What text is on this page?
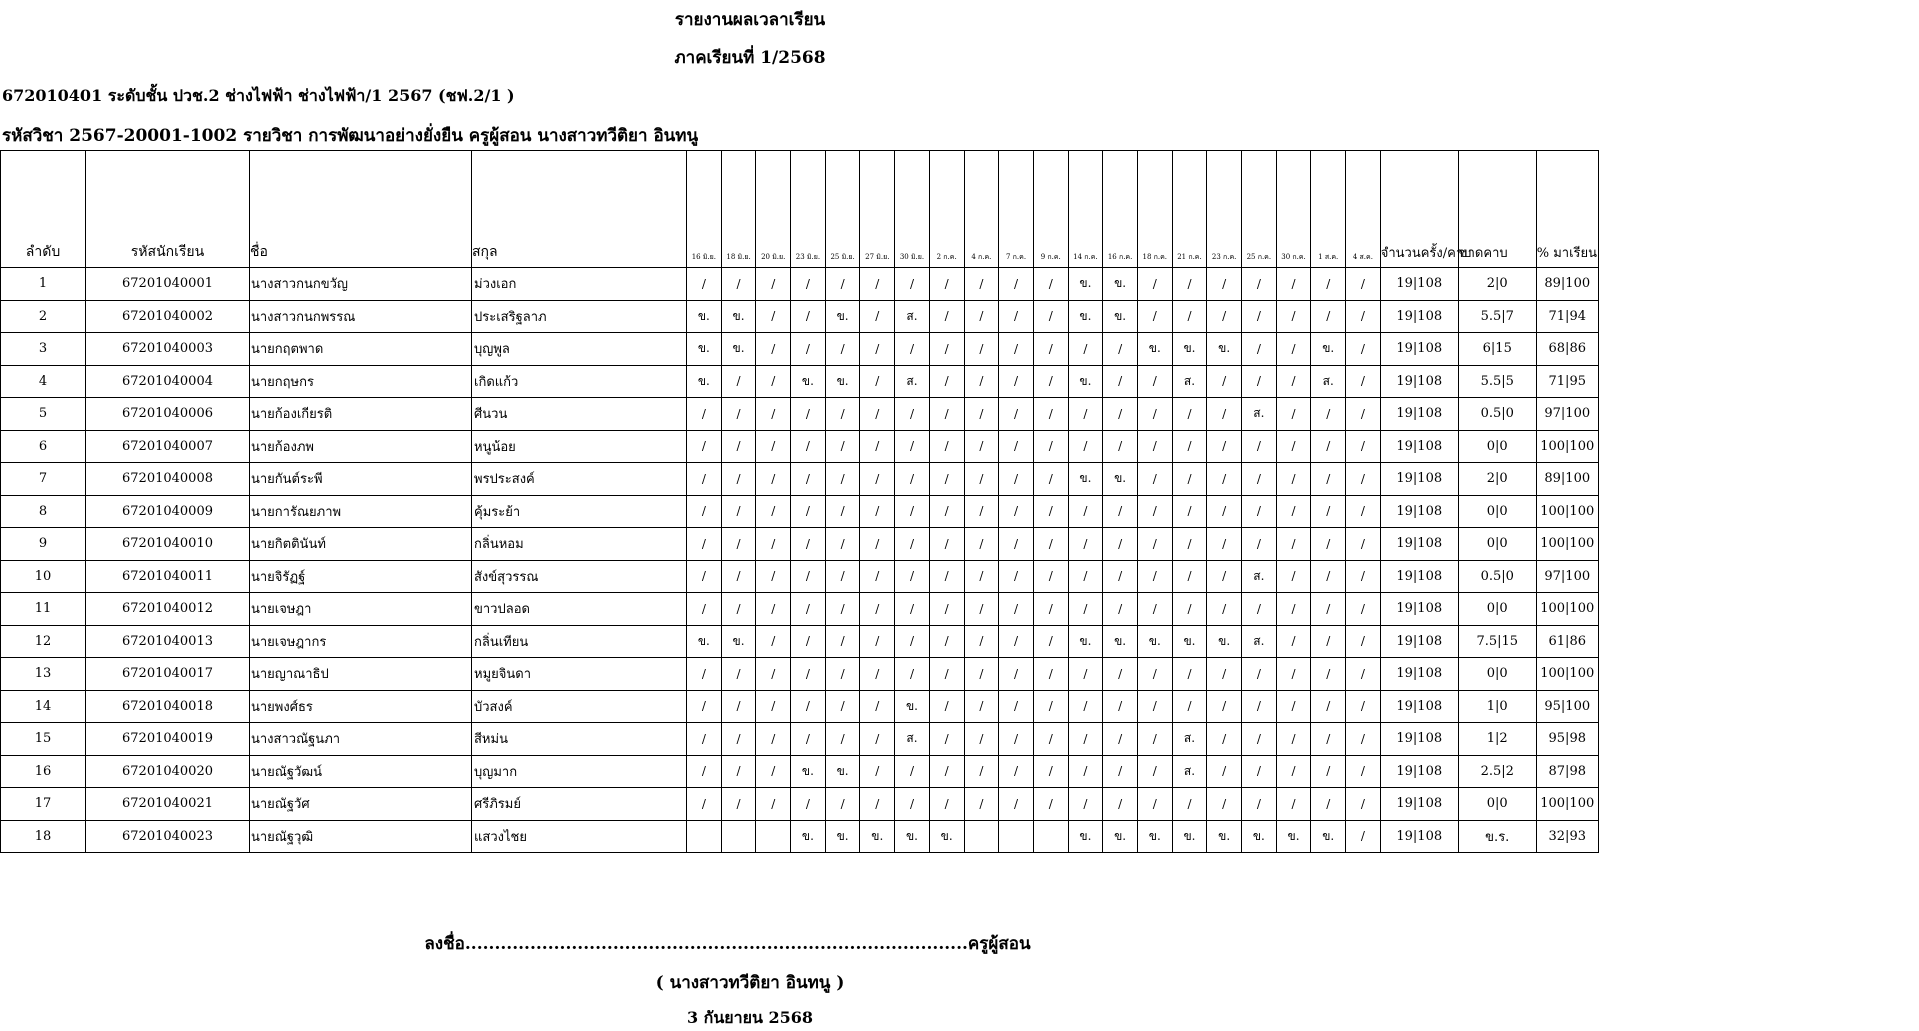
รายงานผลเวลาเรียน
ภาคเรียนที่ 1/2568
672010401 ระดับชั้น ปวช.2 ช่างไฟฟ้า ช่างไฟฟ้า/1 2567 (ชฟ.2/1 )
รหัสวิชา 2567-20001-1002 รายวิชา การพัฒนาอย่างยั่งยืน ครูผู้สอน นางสาวทวีติยา อินทนู
ลำดับ	รหัสนักเรียน	ชื่อ	สกุล	16 มิ.ย.	18 มิ.ย.	20 มิ.ย.	23 มิ.ย.	25 มิ.ย.	27 มิ.ย.	30 มิ.ย.	2 ก.ค.	4 ก.ค.	7 ก.ค.	9 ก.ค.	14 ก.ค.	16 ก.ค.	18 ก.ค.	21 ก.ค.	23 ก.ค.	25 ก.ค.	30 ก.ค.	1 ส.ค.	4 ส.ค.	จำนวนครั้ง/คาบ	ขาดคาบ	% มาเรียน
1	67201040001	นางสาวกนกขวัญ	ม่วงเอก	/	/	/	/	/	/	/	/	/	/	/	ข.	ข.	/	/	/	/	/	/	/	19|108	2|0	89|100
2	67201040002	นางสาวกนกพรรณ	ประเสริฐลาภ	ข.	ข.	/	/	ข.	/	ส.	/	/	/	/	ข.	ข.	/	/	/	/	/	/	/	19|108	5.5|7	71|94
3	67201040003	นายกฤตพาด	บุญพูล	ข.	ข.	/	/	/	/	/	/	/	/	/	/	/	ข.	ข.	ข.	/	/	ข.	/	19|108	6|15	68|86
4	67201040004	นายกฤษกร	เกิดแก้ว	ข.	/	/	ข.	ข.	/	ส.	/	/	/	/	ข.	/	/	ส.	/	/	/	ส.	/	19|108	5.5|5	71|95
5	67201040006	นายก้องเกียรติ	ศีนวน	/	/	/	/	/	/	/	/	/	/	/	/	/	/	/	/	ส.	/	/	/	19|108	0.5|0	97|100
6	67201040007	นายก้องภพ	หนูน้อย	/	/	/	/	/	/	/	/	/	/	/	/	/	/	/	/	/	/	/	/	19|108	0|0	100|100
7	67201040008	นายกันต์ระพี	พรประสงค์	/	/	/	/	/	/	/	/	/	/	/	ข.	ข.	/	/	/	/	/	/	/	19|108	2|0	89|100
8	67201040009	นายการัณยภาพ	คุ้มระย้า	/	/	/	/	/	/	/	/	/	/	/	/	/	/	/	/	/	/	/	/	19|108	0|0	100|100
9	67201040010	นายกิตตินันท์	กลิ่นหอม	/	/	/	/	/	/	/	/	/	/	/	/	/	/	/	/	/	/	/	/	19|108	0|0	100|100
10	67201040011	นายจิรัฏฐ์	สังข์สุวรรณ	/	/	/	/	/	/	/	/	/	/	/	/	/	/	/	/	ส.	/	/	/	19|108	0.5|0	97|100
11	67201040012	นายเจษฎา	ขาวปลอด	/	/	/	/	/	/	/	/	/	/	/	/	/	/	/	/	/	/	/	/	19|108	0|0	100|100
12	67201040013	นายเจษฎากร	กลิ่นเทียน	ข.	ข.	/	/	/	/	/	/	/	/	/	ข.	ข.	ข.	ข.	ข.	ส.	/	/	/	19|108	7.5|15	61|86
13	67201040017	นายญาณาธิป	หมูยจินดา	/	/	/	/	/	/	/	/	/	/	/	/	/	/	/	/	/	/	/	/	19|108	0|0	100|100
14	67201040018	นายพงศ์ธร	บัวสงค์	/	/	/	/	/	/	ข.	/	/	/	/	/	/	/	/	/	/	/	/	/	19|108	1|0	95|100
15	67201040019	นางสาวณัฐนภา	สีหม่น	/	/	/	/	/	/	ส.	/	/	/	/	/	/	/	ส.	/	/	/	/	/	19|108	1|2	95|98
16	67201040020	นายณัฐวัฒน์	บุญมาก	/	/	/	ข.	ข.	/	/	/	/	/	/	/	/	/	ส.	/	/	/	/	/	19|108	2.5|2	87|98
17	67201040021	นายณัฐวัศ	ศรีภิรมย์	/	/	/	/	/	/	/	/	/	/	/	/	/	/	/	/	/	/	/	/	19|108	0|0	100|100
18	67201040023	นายณัฐวุฒิ	แสวงไชย				ข.	ข.	ข.	ข.	ข.				ข.	ข.	ข.	ข.	ข.	ข.	ข.	ข.	/	19|108	ข.ร.	32|93
ลงชื่อ.....................................................................................ครูผู้สอน
( นางสาวทวีติยา อินทนู )
3 กันยายน 2568
